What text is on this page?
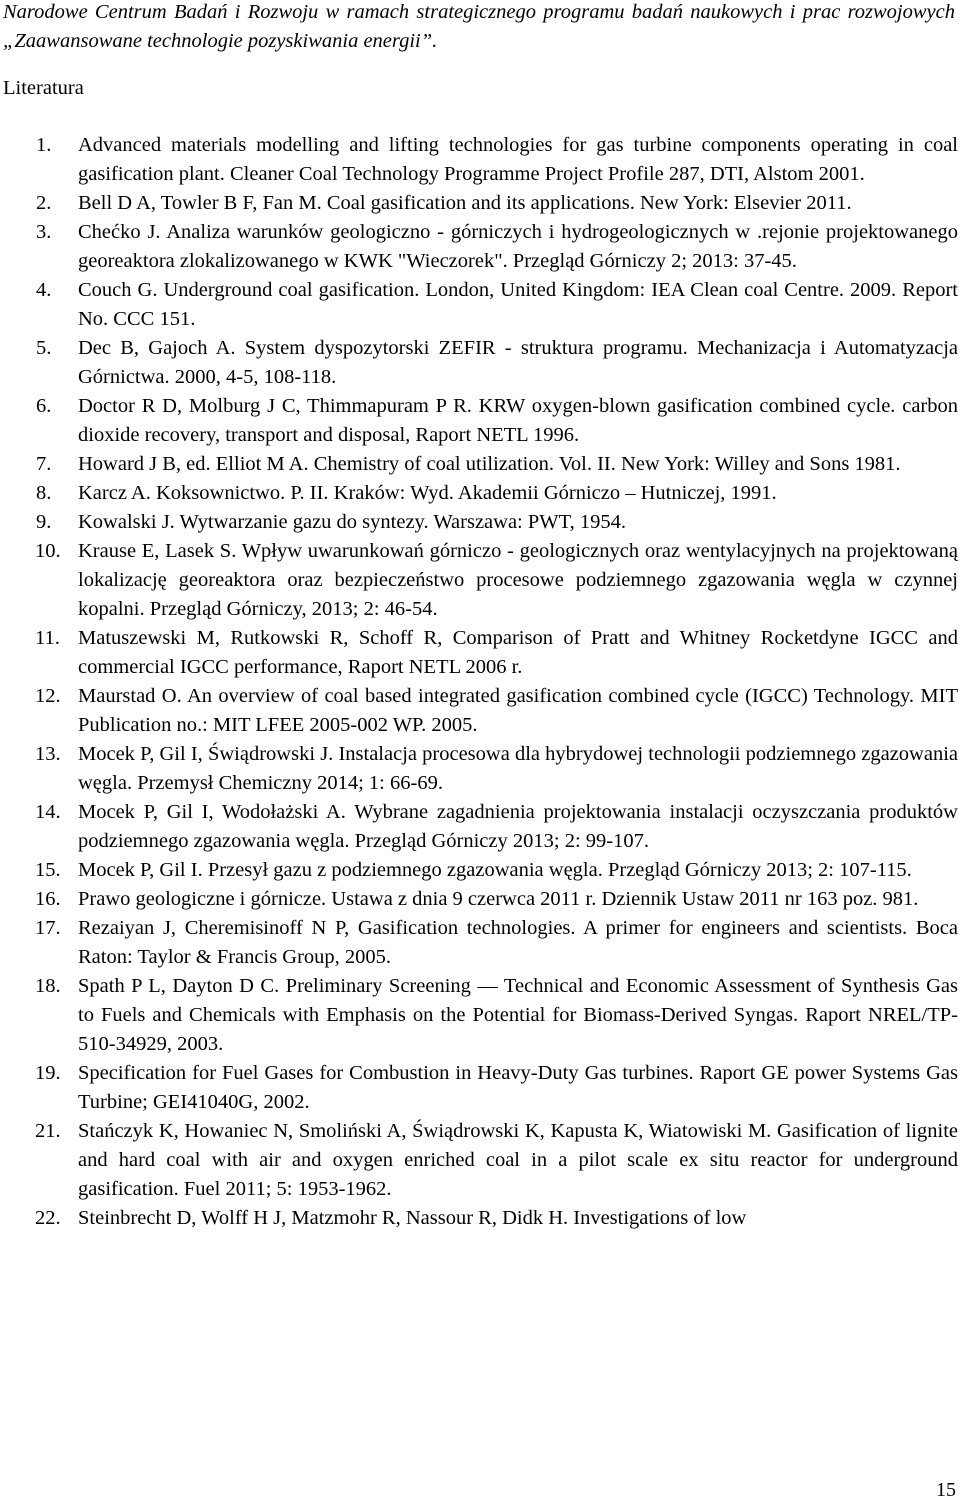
Narodowe Centrum Badań i Rozwoju w ramach strategicznego programu badań naukowych i prac rozwojowych „Zaawansowane technologie pozyskiwania energii”.
Literatura
1. Advanced materials modelling and lifting technologies for gas turbine components operating in coal gasification plant. Cleaner Coal Technology Programme Project Profile 287, DTI, Alstom 2001.
2. Bell D A, Towler B F, Fan M. Coal gasification and its applications. New York: Elsevier 2011.
3. Chećko J. Analiza warunków geologiczno - górniczych i hydrogeologicznych w .rejonie projektowanego georeaktora zlokalizowanego w KWK "Wieczorek". Przegląd Górniczy 2; 2013: 37-45.
4. Couch G. Underground coal gasification. London, United Kingdom: IEA Clean coal Centre. 2009. Report No. CCC 151.
5. Dec B, Gajoch A. System dyspozytorski ZEFIR - struktura programu. Mechanizacja i Automatyzacja Górnictwa. 2000, 4-5, 108-118.
6. Doctor R D, Molburg J C, Thimmapuram P R. KRW oxygen-blown gasification combined cycle. carbon dioxide recovery, transport and disposal, Raport NETL 1996.
7. Howard J B, ed. Elliot M A. Chemistry of coal utilization. Vol. II. New York: Willey and Sons 1981.
8. Karcz A. Koksownictwo. P. II. Kraków: Wyd. Akademii Górniczo – Hutniczej, 1991.
9. Kowalski J. Wytwarzanie gazu do syntezy. Warszawa: PWT, 1954.
10. Krause E, Lasek S. Wpływ uwarunkowań górniczo - geologicznych oraz wentylacyjnych na projektowaną lokalizację georeaktora oraz bezpieczeństwo procesowe podziemnego zgazowania węgla w czynnej kopalni. Przegląd Górniczy, 2013; 2: 46-54.
11. Matuszewski M, Rutkowski R, Schoff R, Comparison of Pratt and Whitney Rocketdyne IGCC and commercial IGCC performance, Raport NETL 2006 r.
12. Maurstad O. An overview of coal based integrated gasification combined cycle (IGCC) Technology. MIT Publication no.: MIT LFEE 2005-002 WP. 2005.
13. Mocek P, Gil I, Świądrowski J. Instalacja procesowa dla hybrydowej technologii podziemnego zgazowania węgla. Przemysł Chemiczny 2014; 1: 66-69.
14. Mocek P, Gil I, Wodołażski A. Wybrane zagadnienia projektowania instalacji oczyszczania produktów podziemnego zgazowania węgla. Przegląd Górniczy 2013; 2: 99-107.
15. Mocek P, Gil I. Przesył gazu z podziemnego zgazowania węgla. Przegląd Górniczy 2013; 2: 107-115.
16. Prawo geologiczne i górnicze. Ustawa z dnia 9 czerwca 2011 r. Dziennik Ustaw 2011 nr 163 poz. 981.
17. Rezaiyan J, Cheremisinoff N P, Gasification technologies. A primer for engineers and scientists. Boca Raton: Taylor & Francis Group, 2005.
18. Spath P L, Dayton D C. Preliminary Screening — Technical and Economic Assessment of Synthesis Gas to Fuels and Chemicals with Emphasis on the Potential for Biomass-Derived Syngas. Raport NREL/TP-510-34929, 2003.
19. Specification for Fuel Gases for Combustion in Heavy-Duty Gas turbines. Raport GE power Systems Gas Turbine; GEI41040G, 2002.
21. Stańczyk K, Howaniec N, Smoliński A, Świądrowski K, Kapusta K, Wiatowiski M. Gasification of lignite and hard coal with air and oxygen enriched coal in a pilot scale ex situ reactor for underground gasification. Fuel 2011; 5: 1953-1962.
22. Steinbrecht D, Wolff H J, Matzmohr R, Nassour R, Didk H. Investigations of low
15
